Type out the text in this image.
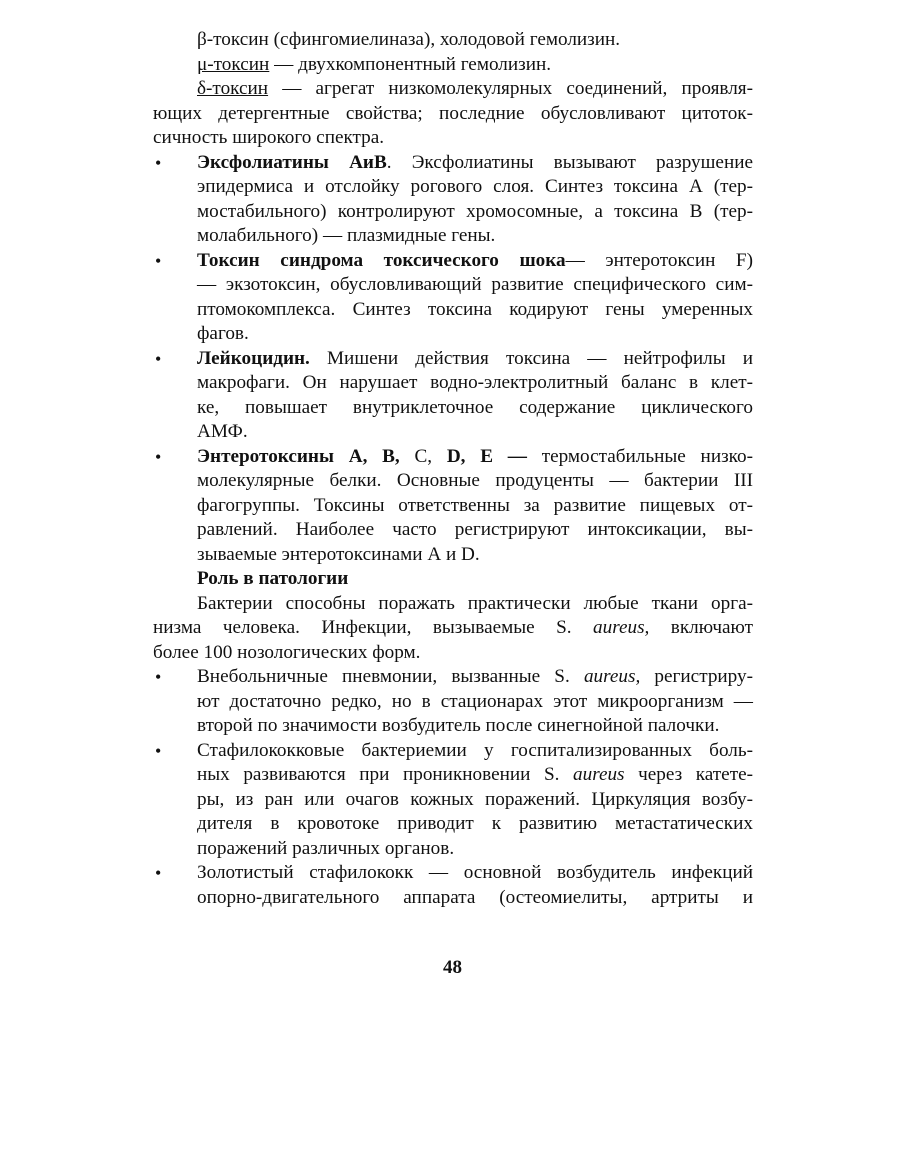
β-токсин (сфингомиелиназа), холодовой гемолизин.
μ-токсин — двухкомпонентный гемолизин.
δ-токсин — агрегат низкомолекулярных соединений, проявля-
ющих детергентные свойства; последние обусловливают цитоток-
сичность широкого спектра.
• Эксфолиатины АиВ. Эксфолиатины вызывают разрушение
эпидермиса и отслойку рогового слоя. Синтез токсина А (тер-
мостабильного) контролируют хромосомные, а токсина В (тер-
молабильного) — плазмидные гены.
• Токсин синдрома токсического шока— энтеротоксин F)
— экзотоксин, обусловливающий развитие специфического сим-
птомокомплекса. Синтез токсина кодируют гены умеренных
фагов.
• Лейкоцидин. Мишени действия токсина — нейтрофилы и
макрофаги. Он нарушает водно-электролитный баланс в клет-
ке, повышает внутриклеточное содержание циклического
АМФ.
• Энтеротоксины А, В, С, D, Е — термостабильные низко-
молекулярные белки. Основные продуценты — бактерии III
фагогруппы. Токсины ответственны за развитие пищевых от-
равлений. Наиболее часто регистрируют интоксикации, вы-
зываемые энтеротоксинами А и D.
Роль в патологии
Бактерии способны поражать практически любые ткани орга-
низма человека. Инфекции, вызываемые S. aureus, включают
более 100 нозологических форм.
• Внебольничные пневмонии, вызванные S. aureus, регистриру-
ют достаточно редко, но в стационарах этот микроорганизм —
второй по значимости возбудитель после синегнойной палочки.
• Стафилококковые бактериемии у госпитализированных боль-
ных развиваются при проникновении S. aureus через катете-
ры, из ран или очагов кожных поражений. Циркуляция возбу-
дителя в кровотоке приводит к развитию метастатических
поражений различных органов.
• Золотистый стафилококк — основной возбудитель инфекций
опорно-двигательного аппарата (остеомиелиты, артриты и
48
